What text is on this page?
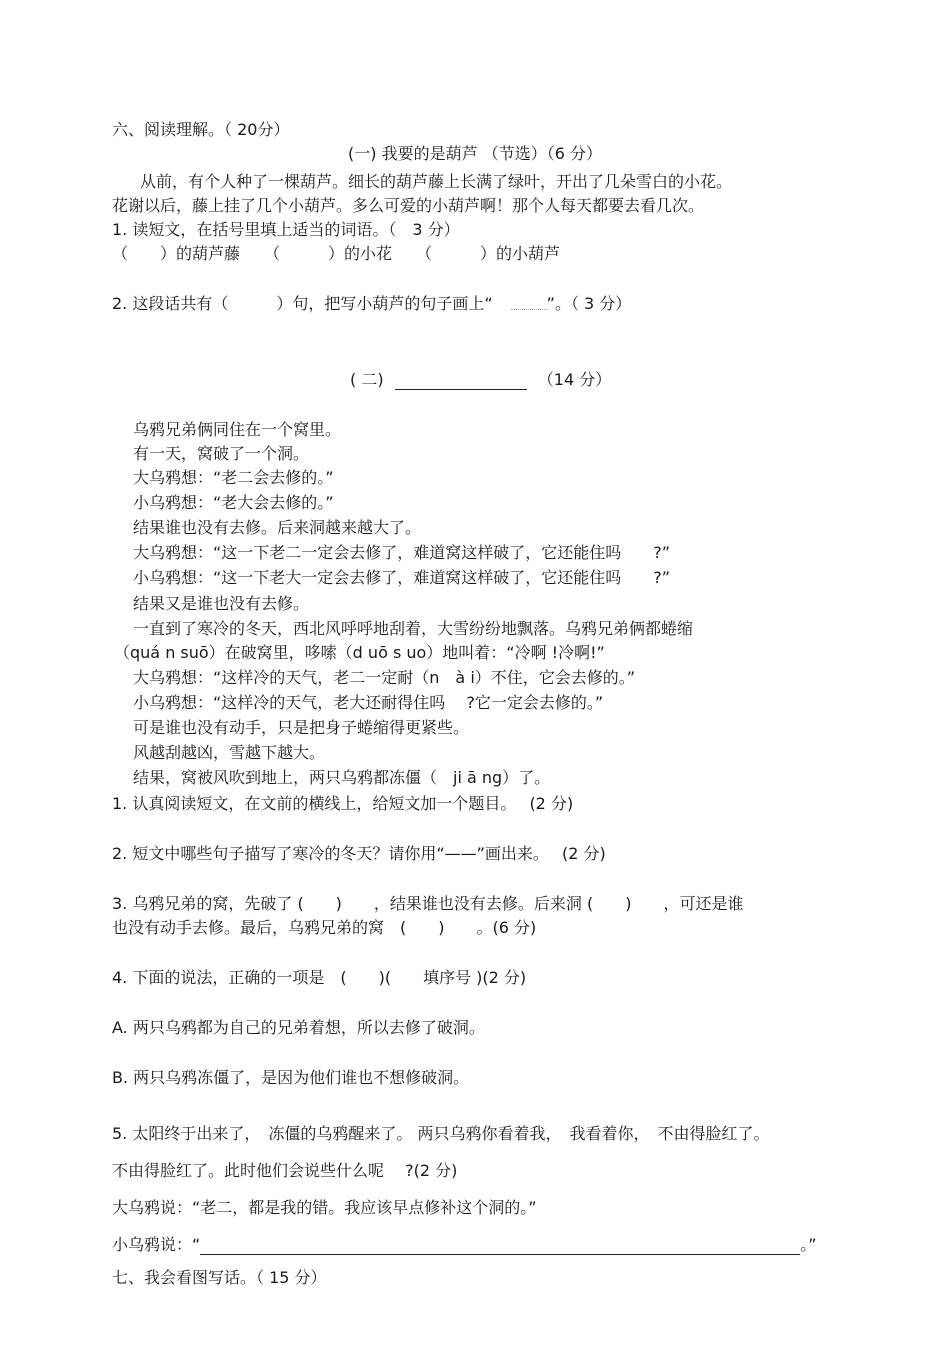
六、阅读理解。（ 20分）
(一) 我要的是葫芦 （节选）（6 分）
从前，有个人种了一棵葫芦。细长的葫芦藤上长满了绿叶，开出了几朵雪白的小花。
花谢以后，藤上挂了几个小葫芦。多么可爱的小葫芦啊！那个人每天都要去看几次。
1. 读短文，在括号里填上适当的词语。（　3 分）
（　　）的葫芦藤　　（　　　）的小花　　（　　　）的小葫芦
2. 这段话共有（　　　）句，把写小葫芦的句子画上“	”。（ 3 分）
( 二)	（14 分）
乌鸦兄弟俩同住在一个窝里。
有一天，窝破了一个洞。
大乌鸦想：“老二会去修的。”
小乌鸦想：“老大会去修的。”
结果谁也没有去修。后来洞越来越大了。
大乌鸦想：“这一下老二一定会去修了，难道窝这样破了，它还能住吗　　?”
小乌鸦想：“这一下老大一定会去修了，难道窝这样破了，它还能住吗　　?”
结果又是谁也没有去修。
一直到了寒冷的冬天，西北风呼呼地刮着，大雪纷纷地飘落。乌鸦兄弟俩都蜷缩
（quá n suō）在破窝里，哆嗦（d uō s uo）地叫着：“冷啊 !冷啊!”
大乌鸦想：“这样冷的天气，老二一定耐（n　à i）不住，它会去修的。”
小乌鸦想：“这样冷的天气，老大还耐得住吗　 ?它一定会去修的。”
可是谁也没有动手，只是把身子蜷缩得更紧些。
风越刮越凶，雪越下越大。
结果，窝被风吹到地上，两只乌鸦都冻僵（　ji ā ng）了。
1. 认真阅读短文，在文前的横线上，给短文加一个题目。　 (2 分)
2. 短文中哪些句子描写了寒冷的冬天？请你用“——”画出来。　 (2 分)
3. 乌鸦兄弟的窝，先破了 (　　)　　，结果谁也没有去修。后来洞 (　　)　　，可还是谁
也没有动手去修。最后，乌鸦兄弟的窝　(　　)　　。(6 分)
4. 下面的说法，正确的一项是　(　　)(　　填序号 )(2 分)
A. 两只乌鸦都为自己的兄弟着想，所以去修了破洞。
B. 两只乌鸦冻僵了，是因为他们谁也不想修破洞。
5. 太阳终于出来了，　冻僵的乌鸦醒来了。 两只乌鸦你看着我，　我看着你，　不由得脸红了。
不由得脸红了。此时他们会说些什么呢　 ?(2 分)
大乌鸦说：“老二，都是我的错。我应该早点修补这个洞的。”
小乌鸦说：“	。”
七、我会看图写话。（ 15 分）
